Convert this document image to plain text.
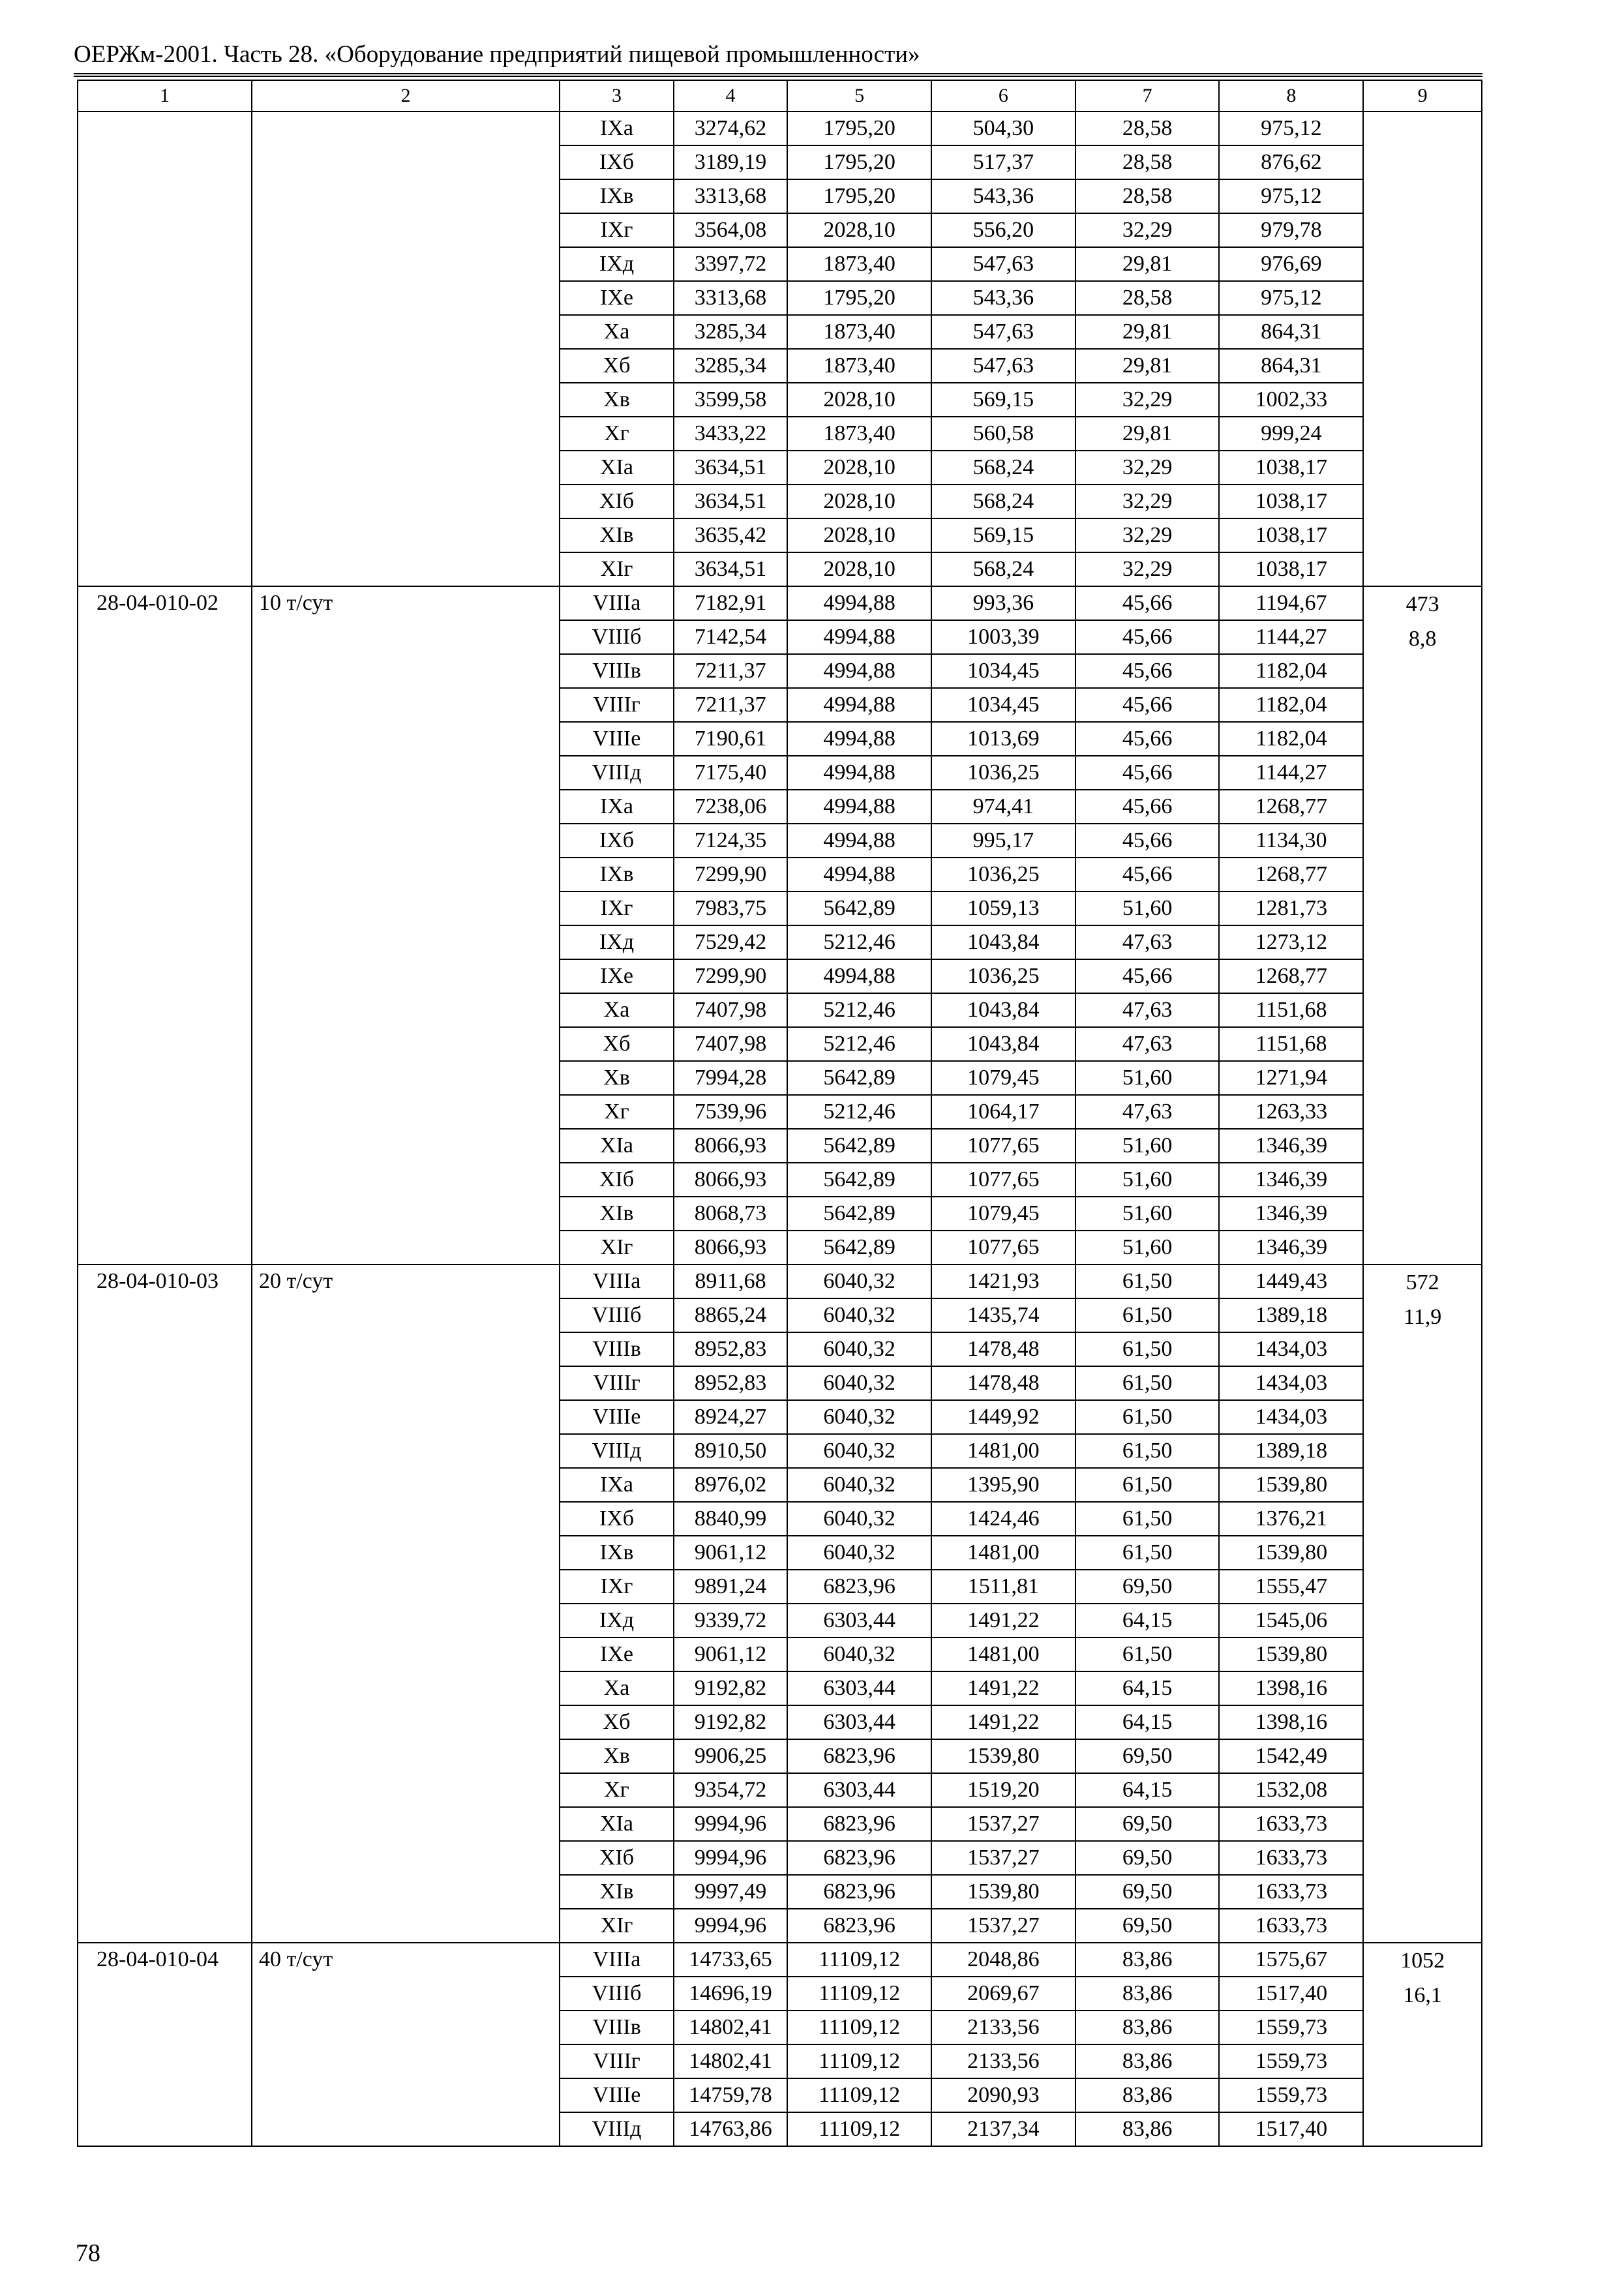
ОЕРЖм-2001. Часть 28. «Оборудование предприятий пищевой промышленности»
1	2	3	4	5	6	7	8	9
		IXа	3274,62	1795,20	504,30	28,58	975,12	
		IXб	3189,19	1795,20	517,37	28,58	876,62	
		IXв	3313,68	1795,20	543,36	28,58	975,12	
		IXг	3564,08	2028,10	556,20	32,29	979,78	
		IXд	3397,72	1873,40	547,63	29,81	976,69	
		IXе	3313,68	1795,20	543,36	28,58	975,12	
		Xа	3285,34	1873,40	547,63	29,81	864,31	
		Xб	3285,34	1873,40	547,63	29,81	864,31	
		Xв	3599,58	2028,10	569,15	32,29	1002,33	
		Xг	3433,22	1873,40	560,58	29,81	999,24	
		XIа	3634,51	2028,10	568,24	32,29	1038,17	
		XIб	3634,51	2028,10	568,24	32,29	1038,17	
		XIв	3635,42	2028,10	569,15	32,29	1038,17	
		XIг	3634,51	2028,10	568,24	32,29	1038,17	
28-04-010-02	10 т/сут	VIIIа	7182,91	4994,88	993,36	45,66	1194,67	473
8,8

		VIIIб	7142,54	4994,88	1003,39	45,66	1144,27	
		VIIIв	7211,37	4994,88	1034,45	45,66	1182,04	
		VIIIг	7211,37	4994,88	1034,45	45,66	1182,04	
		VIIIе	7190,61	4994,88	1013,69	45,66	1182,04	
		VIIIд	7175,40	4994,88	1036,25	45,66	1144,27	
		IXа	7238,06	4994,88	974,41	45,66	1268,77	
		IXб	7124,35	4994,88	995,17	45,66	1134,30	
		IXв	7299,90	4994,88	1036,25	45,66	1268,77	
		IXг	7983,75	5642,89	1059,13	51,60	1281,73	
		IXд	7529,42	5212,46	1043,84	47,63	1273,12	
		IXе	7299,90	4994,88	1036,25	45,66	1268,77	
		Xа	7407,98	5212,46	1043,84	47,63	1151,68	
		Xб	7407,98	5212,46	1043,84	47,63	1151,68	
		Xв	7994,28	5642,89	1079,45	51,60	1271,94	
		Xг	7539,96	5212,46	1064,17	47,63	1263,33	
		XIа	8066,93	5642,89	1077,65	51,60	1346,39	
		XIб	8066,93	5642,89	1077,65	51,60	1346,39	
		XIв	8068,73	5642,89	1079,45	51,60	1346,39	
		XIг	8066,93	5642,89	1077,65	51,60	1346,39	
28-04-010-03	20 т/сут	VIIIа	8911,68	6040,32	1421,93	61,50	1449,43	572
11,9

		VIIIб	8865,24	6040,32	1435,74	61,50	1389,18	
		VIIIв	8952,83	6040,32	1478,48	61,50	1434,03	
		VIIIг	8952,83	6040,32	1478,48	61,50	1434,03	
		VIIIе	8924,27	6040,32	1449,92	61,50	1434,03	
		VIIIд	8910,50	6040,32	1481,00	61,50	1389,18	
		IXа	8976,02	6040,32	1395,90	61,50	1539,80	
		IXб	8840,99	6040,32	1424,46	61,50	1376,21	
		IXв	9061,12	6040,32	1481,00	61,50	1539,80	
		IXг	9891,24	6823,96	1511,81	69,50	1555,47	
		IXд	9339,72	6303,44	1491,22	64,15	1545,06	
		IXе	9061,12	6040,32	1481,00	61,50	1539,80	
		Xа	9192,82	6303,44	1491,22	64,15	1398,16	
		Xб	9192,82	6303,44	1491,22	64,15	1398,16	
		Xв	9906,25	6823,96	1539,80	69,50	1542,49	
		Xг	9354,72	6303,44	1519,20	64,15	1532,08	
		XIа	9994,96	6823,96	1537,27	69,50	1633,73	
		XIб	9994,96	6823,96	1537,27	69,50	1633,73	
		XIв	9997,49	6823,96	1539,80	69,50	1633,73	
		XIг	9994,96	6823,96	1537,27	69,50	1633,73	
28-04-010-04	40 т/сут	VIIIа	14733,65	11109,12	2048,86	83,86	1575,67	1052
16,1

		VIIIб	14696,19	11109,12	2069,67	83,86	1517,40	
		VIIIв	14802,41	11109,12	2133,56	83,86	1559,73	
		VIIIг	14802,41	11109,12	2133,56	83,86	1559,73	
		VIIIе	14759,78	11109,12	2090,93	83,86	1559,73	
		VIIIд	14763,86	11109,12	2137,34	83,86	1517,40	
78
